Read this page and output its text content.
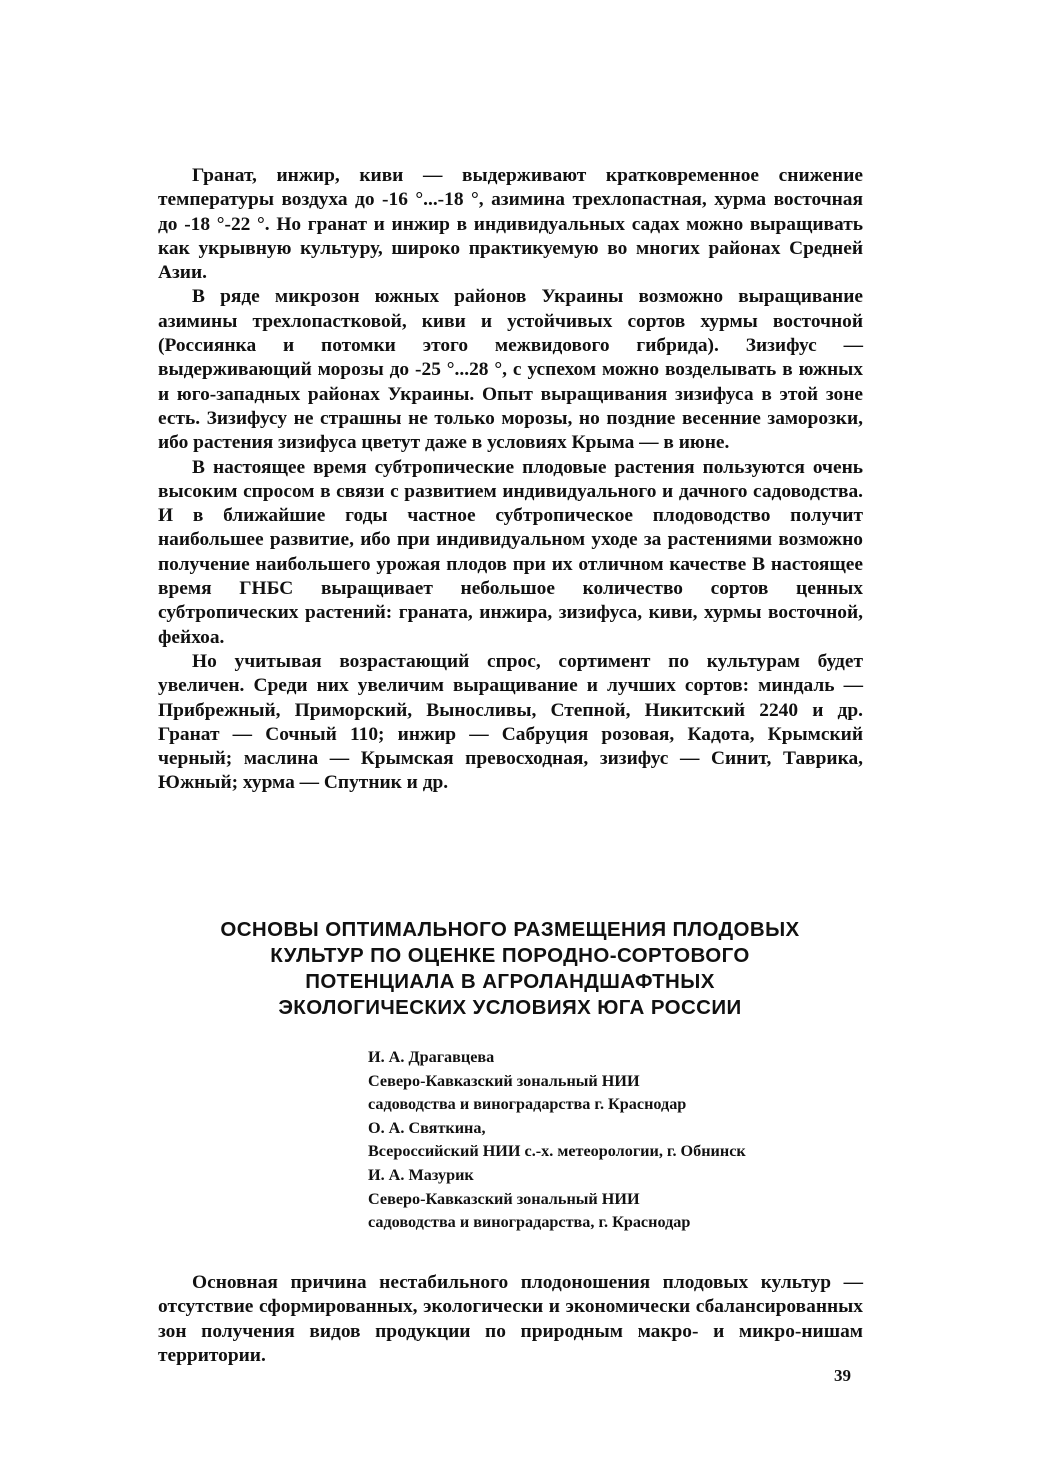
Гранат, инжир, киви — выдерживают кратковременное снижение температуры воздуха до -16 °...-18 °, азимина трехлопастная, хурма восточная до -18 °-22 °. Но гранат и инжир в индивидуальных садах можно выращивать как укрывную культуру, широко практикуемую во многих районах Средней Азии.

В ряде микрозон южных районов Украины возможно выращивание азимины трехлопастковой, киви и устойчивых сортов хурмы восточной (Россиянка и потомки этого межвидового гибрида). Зизифус — выдерживающий морозы до -25 °...28 °, с успехом можно возделывать в южных и юго-западных районах Украины. Опыт выращивания зизифуса в этой зоне есть. Зизифусу не страшны не только морозы, но поздние весенние заморозки, ибо растения зизифуса цветут даже в условиях Крыма — в июне.

В настоящее время субтропические плодовые растения пользуются очень высоким спросом в связи с развитием индивидуального и дачного садоводства. И в ближайшие годы частное субтропическое плодоводство получит наибольшее развитие, ибо при индивидуальном уходе за растениями возможно получение наибольшего урожая плодов при их отличном качестве В настоящее время ГНБС выращивает небольшое количество сортов ценных субтропических растений: граната, инжира, зизифуса, киви, хурмы восточной, фейхоа.

Но учитывая возрастающий спрос, сортимент по культурам будет увеличен. Среди них увеличим выращивание и лучших сортов: миндаль — Прибрежный, Приморский, Выносливы, Степной, Никитский 2240 и др. Гранат — Сочный 110; инжир — Сабруция розовая, Кадота, Крымский черный; маслина — Крымская превосходная, зизифус — Синит, Таврика, Южный; хурма — Спутник и др.

ОСНОВЫ ОПТИМАЛЬНОГО РАЗМЕЩЕНИЯ ПЛОДОВЫХ
КУЛЬТУР ПО ОЦЕНКЕ ПОРОДНО-СОРТОВОГО
ПОТЕНЦИАЛА В АГРОЛАНДШАФТНЫХ
ЭКОЛОГИЧЕСКИХ УСЛОВИЯХ ЮГА РОССИИ
И. А. Драгавцева
Северо-Кавказский зональный НИИ
садоводства и виноградарства г. Краснодар
О. А. Святкина,
Всероссийский НИИ с.-х. метеорологии, г. Обнинск
И. А. Мазурик
Северо-Кавказский зональный НИИ
садоводства и виноградарства, г. Краснодар

Основная причина нестабильного плодоношения плодовых культур — отсутствие сформированных, экологически и экономически сбалансированных зон получения видов продукции по природным макро- и микро-нишам территории.

39
